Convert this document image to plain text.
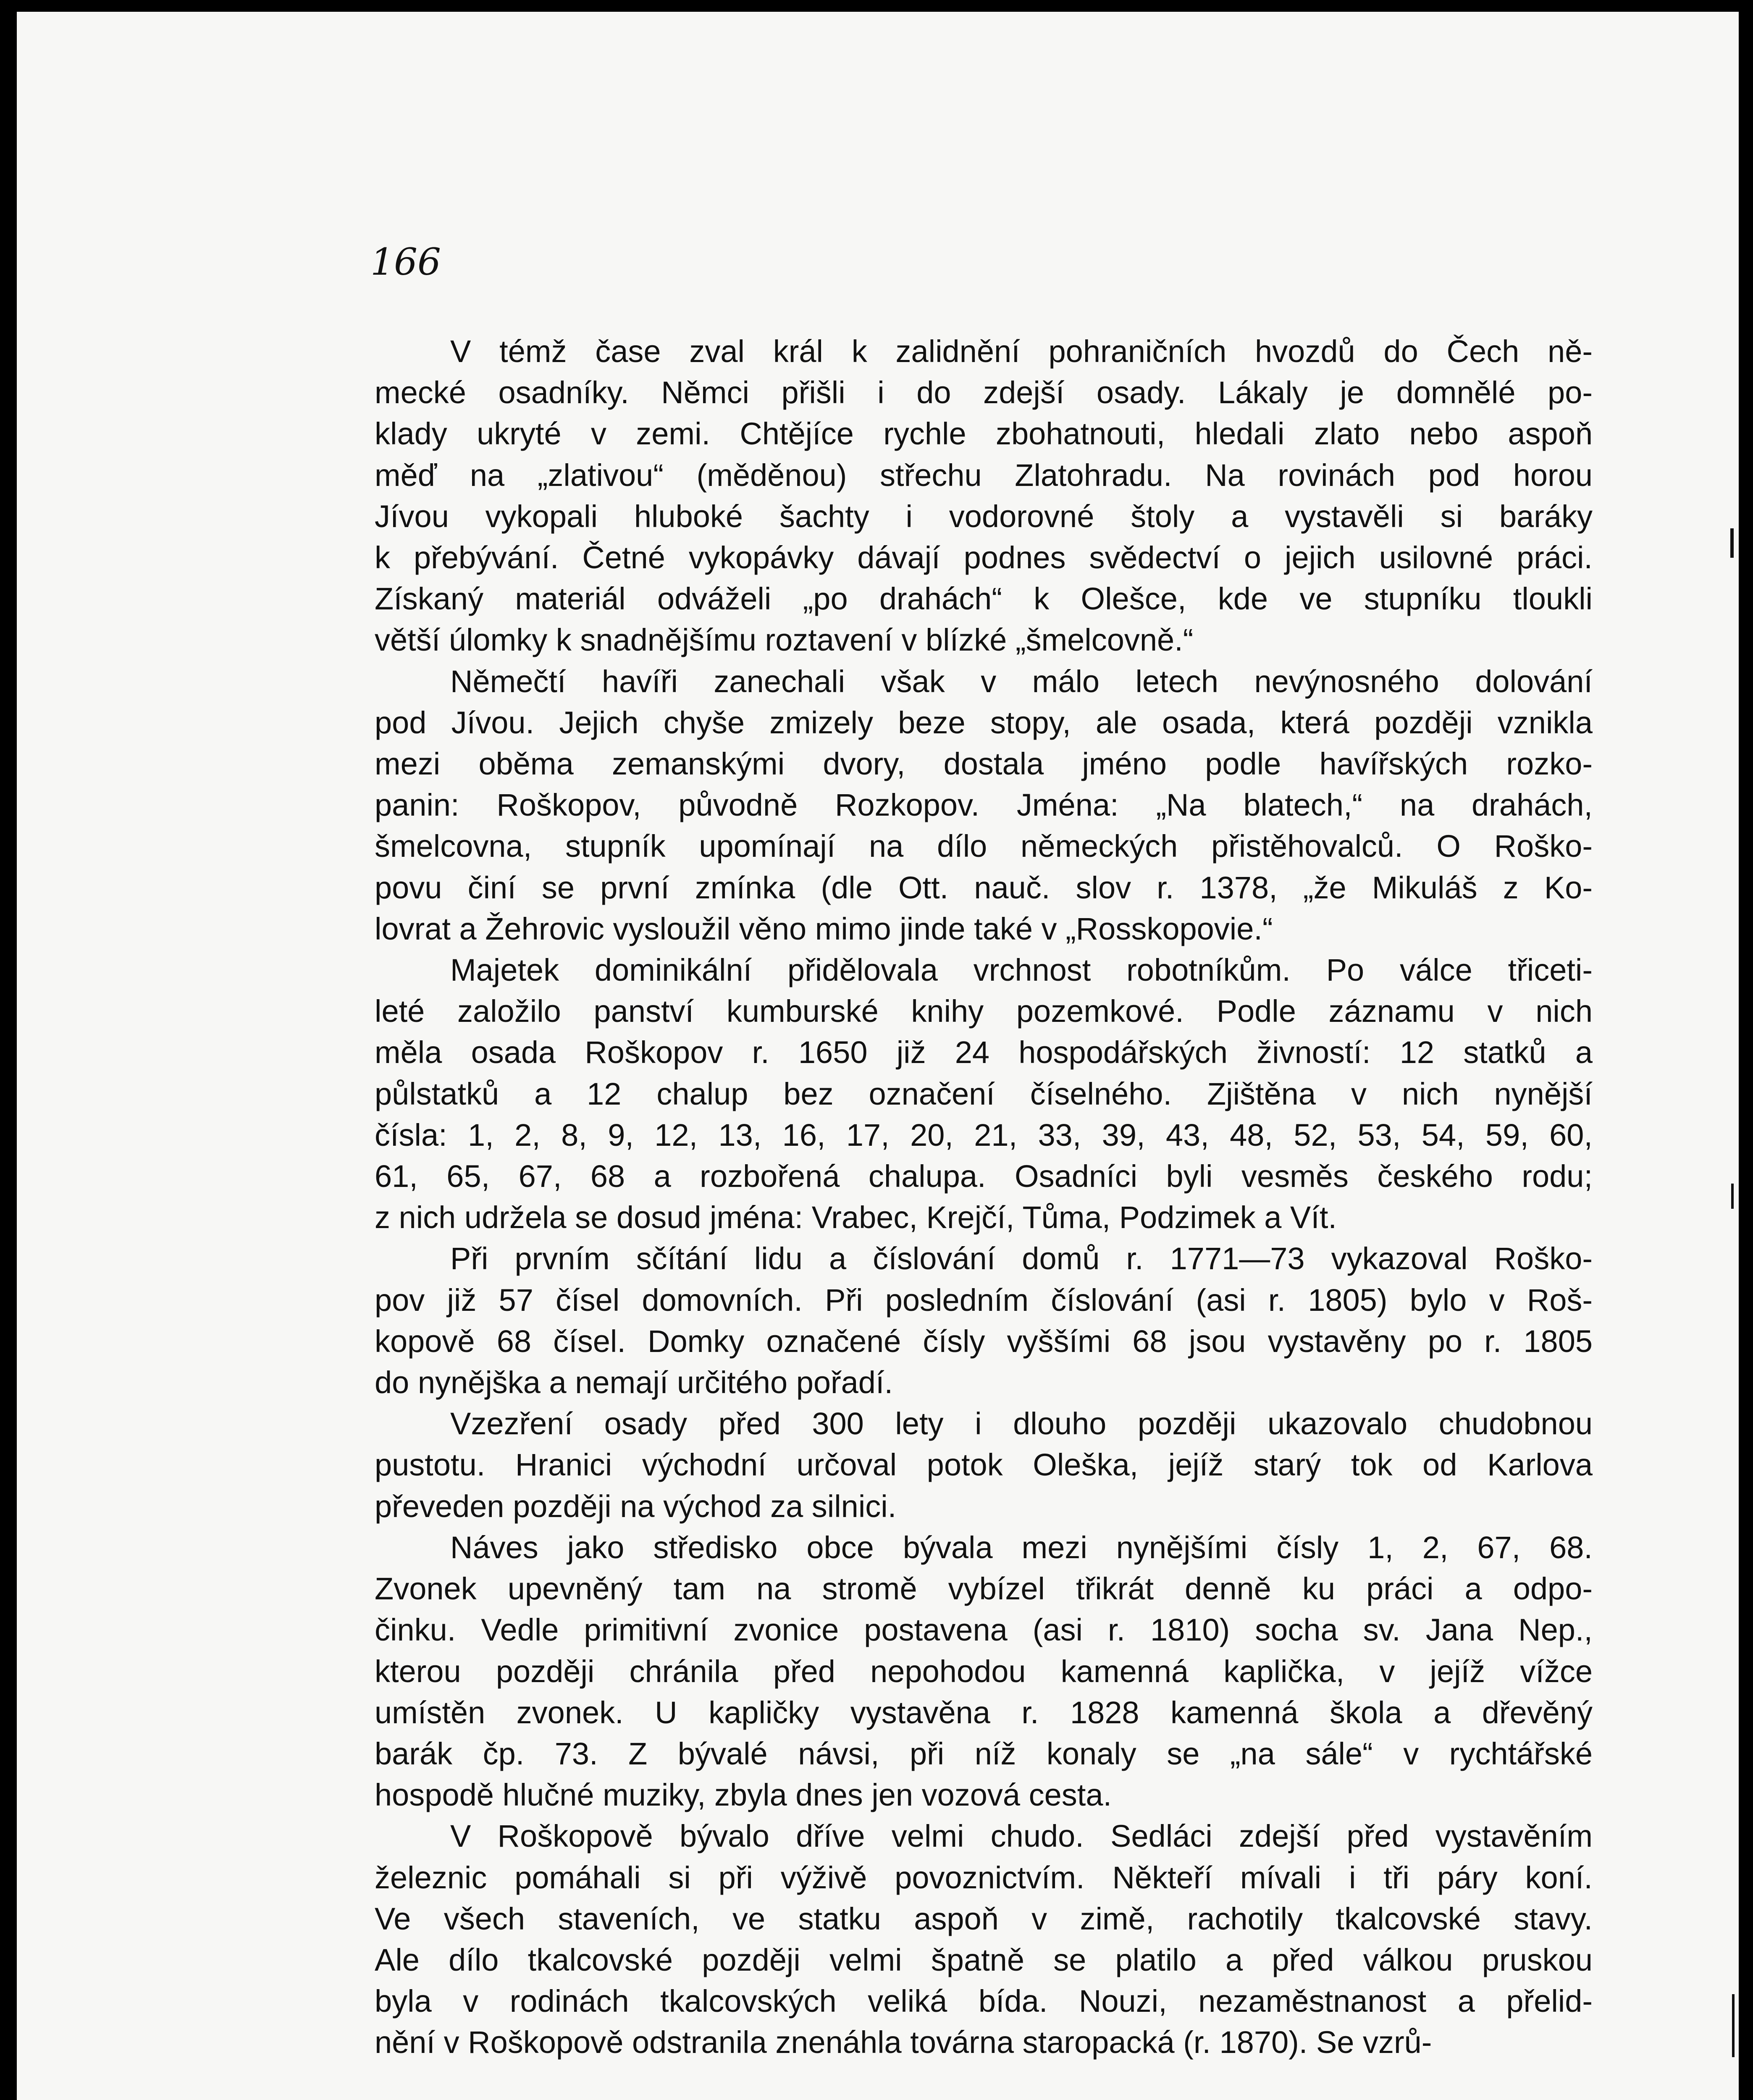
166

V témž čase zval král k zalidnění pohraničních hvozdů do Čech ně-
mecké osadníky. Němci přišli i do zdejší osady. Lákaly je domnělé po-
klady ukryté v zemi. Chtějíce rychle zbohatnouti, hledali zlato nebo aspoň
měď na „zlativou“ (měděnou) střechu Zlatohradu. Na rovinách pod horou
Jívou vykopali hluboké šachty i vodorovné štoly a vystavěli si baráky
k přebývání. Četné vykopávky dávají podnes svědectví o jejich usilovné práci.
Získaný materiál odváželi „po drahách“ k Olešce, kde ve stupníku tloukli
větší úlomky k snadnějšímu roztavení v blízké „šmelcovně.“

Němečtí havíři zanechali však v málo letech nevýnosného dolování
pod Jívou. Jejich chyše zmizely beze stopy, ale osada, která později vznikla
mezi oběma zemanskými dvory, dostala jméno podle havířských rozko-
panin: Roškopov, původně Rozkopov. Jména: „Na blatech,“ na drahách,
šmelcovna, stupník upomínají na dílo německých přistěhovalců. O Roško-
povu činí se první zmínka (dle Ott. nauč. slov r. 1378, „že Mikuláš z Ko-
lovrat a Žehrovic vysloužil věno mimo jinde také v „Rosskopovie.“

Majetek dominikální přidělovala vrchnost robotníkům. Po válce třiceti-
leté založilo panství kumburské knihy pozemkové. Podle záznamu v nich
měla osada Roškopov r. 1650 již 24 hospodářských živností: 12 statků a
půlstatků a 12 chalup bez označení číselného. Zjištěna v nich nynější
čísla: 1, 2, 8, 9, 12, 13, 16, 17, 20, 21, 33, 39, 43, 48, 52, 53, 54, 59, 60,
61, 65, 67, 68 a rozbořená chalupa. Osadníci byli vesměs českého rodu;
z nich udržela se dosud jména: Vrabec, Krejčí, Tůma, Podzimek a Vít.

Při prvním sčítání lidu a číslování domů r. 1771—73 vykazoval Roško-
pov již 57 čísel domovních. Při posledním číslování (asi r. 1805) bylo v Roš-
kopově 68 čísel. Domky označené čísly vyššími 68 jsou vystavěny po r. 1805
do nynějška a nemají určitého pořadí.

Vzezření osady před 300 lety i dlouho později ukazovalo chudobnou
pustotu. Hranici východní určoval potok Oleška, jejíž starý tok od Karlova
převeden později na východ za silnici.

Náves jako středisko obce bývala mezi nynějšími čísly 1, 2, 67, 68.
Zvonek upevněný tam na stromě vybízel třikrát denně ku práci a odpo-
činku. Vedle primitivní zvonice postavena (asi r. 1810) socha sv. Jana Nep.,
kterou později chránila před nepohodou kamenná kaplička, v jejíž vížce
umístěn zvonek. U kapličky vystavěna r. 1828 kamenná škola a dřevěný
barák čp. 73. Z bývalé návsi, při níž konaly se „na sále“ v rychtářské
hospodě hlučné muziky, zbyla dnes jen vozová cesta.

V Roškopově bývalo dříve velmi chudo. Sedláci zdejší před vystavěním
železnic pomáhali si při výživě povoznictvím. Někteří mívali i tři páry koní.
Ve všech staveních, ve statku aspoň v zimě, rachotily tkalcovské stavy.
Ale dílo tkalcovské později velmi špatně se platilo a před válkou pruskou
byla v rodinách tkalcovských veliká bída. Nouzi, nezaměstnanost a přelid-
nění v Roškopově odstranila znenáhla továrna staropacká (r. 1870). Se vzrů-
